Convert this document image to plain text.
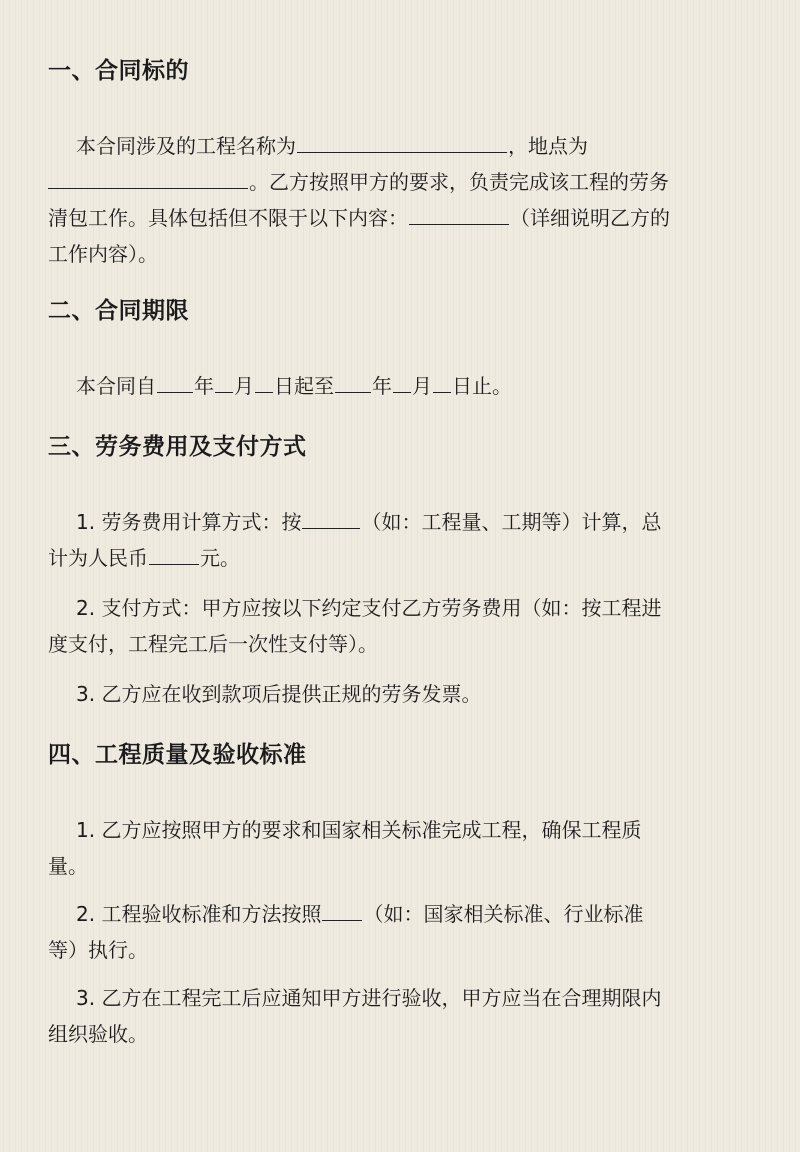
一、合同标的
本合同涉及的工程名称为	，地点为
。乙方按照甲方的要求，负责完成该工程的劳务
清包工作。具体包括但不限于以下内容：	（详细说明乙方的
工作内容）。
二、合同期限
本合同自 年 月 日起至 年 月 日止。
三、劳务费用及支付方式
1. 劳务费用计算方式：按	（如：工程量、工期等）计算，总
计为人民币	元。
2. 支付方式：甲方应按以下约定支付乙方劳务费用（如：按工程进
度支付，工程完工后一次性支付等）。
3. 乙方应在收到款项后提供正规的劳务发票。
四、工程质量及验收标准
1. 乙方应按照甲方的要求和国家相关标准完成工程，确保工程质
量。
2. 工程验收标准和方法按照 （如：国家相关标准、行业标准
等）执行。
3. 乙方在工程完工后应通知甲方进行验收，甲方应当在合理期限内
组织验收。
